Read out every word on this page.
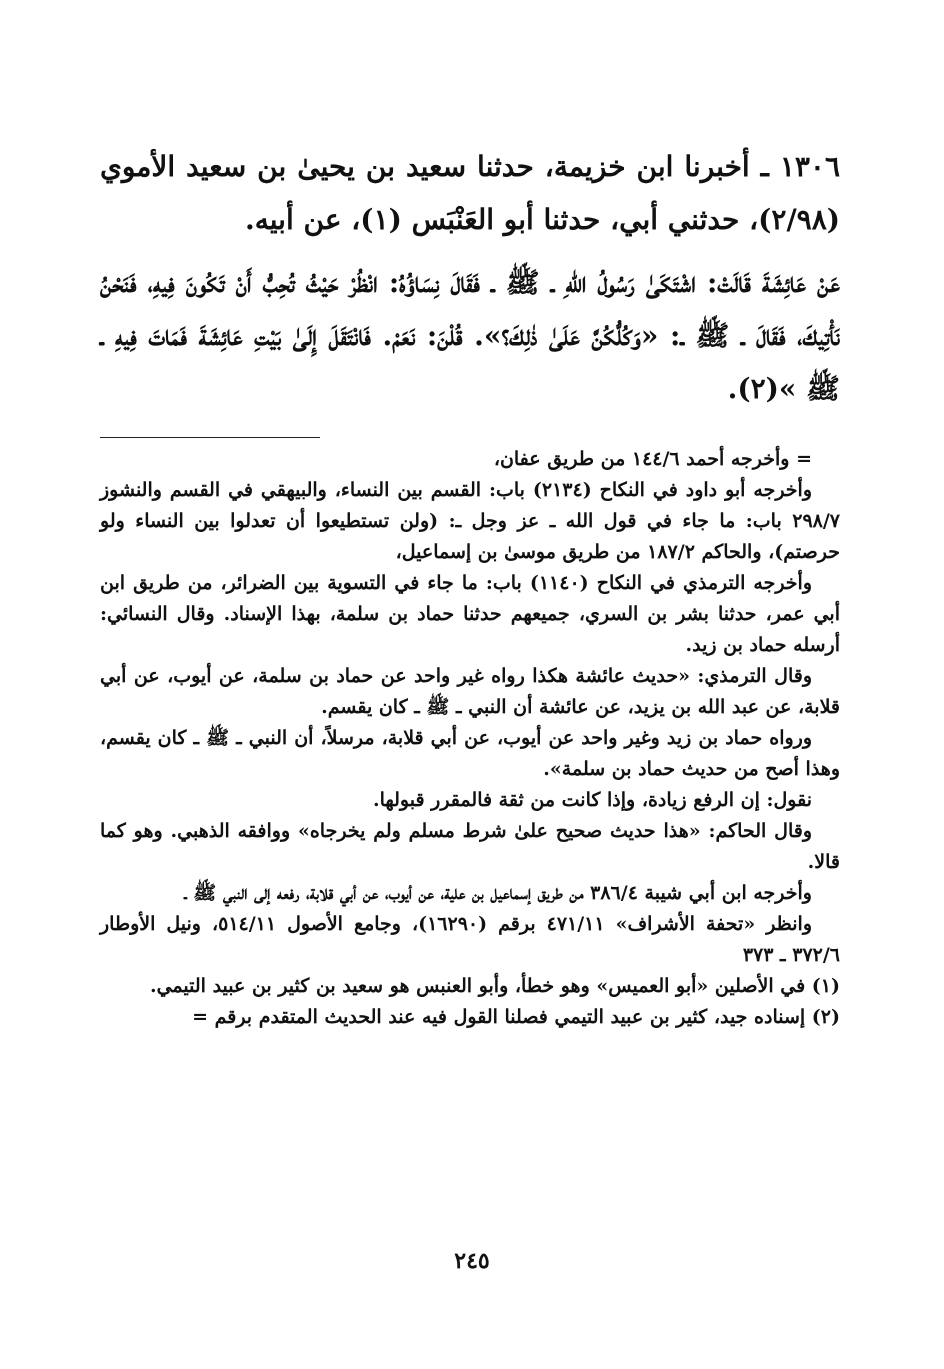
١٣٠٦ ـ أخبرنا ابن خزيمة، حدثنا سعيد بن يحيىٰ بن سعيد الأموي (٢/٩٨)، حدثني أبي، حدثنا أبو العَنْبَس (١)، عن أبيه.

عَنْ عَائِشَةَ قَالَتْ: اشْتَكَىٰ رَسُولُ اللهِ ـ ﷺ ـ فَقَالَ نِسَاؤُهُ: انْظُرْ حَيْثُ تُحِبُّ أَنْ تَكُونَ فِيهِ، فَنَحْنُ نَأْتِيكَ، فَقَالَ ـ ﷺ ـ: «وَكُلُّكُنَّ عَلَىٰ ذٰلِكَ؟». قُلْنَ: نَعَمْ. فَانْتَقَلَ إِلَىٰ بَيْتِ عَائِشَةَ فَمَاتَ فِيهِ ـ ﷺ »(٢).

= وأخرجه أحمد ١٤٤/٦ من طريق عفان،

وأخرجه أبو داود في النكاح (٢١٣٤) باب: القسم بين النساء، والبيهقي في القسم والنشوز ٢٩٨/٧ باب: ما جاء في قول الله ـ عز وجل ـ: (ولن تستطيعوا أن تعدلوا بين النساء ولو حرصتم)، والحاكم ١٨٧/٢ من طريق موسىٰ بن إسماعيل،

وأخرجه الترمذي في النكاح (١١٤٠) باب: ما جاء في التسوية بين الضرائر، من طريق ابن أبي عمر، حدثنا بشر بن السري، جميعهم حدثنا حماد بن سلمة، بهذا الإسناد. وقال النسائي: أرسله حماد بن زيد.

وقال الترمذي: «حديث عائشة هكذا رواه غير واحد عن حماد بن سلمة، عن أيوب، عن أبي قلابة، عن عبد الله بن يزيد، عن عائشة أن النبي ـ ﷺ ـ كان يقسم.

ورواه حماد بن زيد وغير واحد عن أيوب، عن أبي قلابة، مرسلاً، أن النبي ـ ﷺ ـ كان يقسم، وهذا أصح من حديث حماد بن سلمة».

نقول: إن الرفع زيادة، وإذا كانت من ثقة فالمقرر قبولها.

وقال الحاكم: «هذا حديث صحيح علىٰ شرط مسلم ولم يخرجاه» ووافقه الذهبي. وهو كما قالا.

وأخرجه ابن أبي شيبة ٣٨٦/٤ من طريق إسماعيل بن علية، عن أيوب، عن أبي قلابة، رفعه إلى النبي ﷺ ـ

وانظر «تحفة الأشراف» ٤٧١/١١ برقم (١٦٢٩٠)، وجامع الأصول ٥١٤/١١، ونيل الأوطار ٣٧٢/٦ ـ ٣٧٣

(١) في الأصلين «أبو العميس» وهو خطأ، وأبو العنبس هو سعيد بن كثير بن عبيد التيمي.

(٢) إسناده جيد، كثير بن عبيد التيمي فصلنا القول فيه عند الحديث المتقدم برقم =

٢٤٥
